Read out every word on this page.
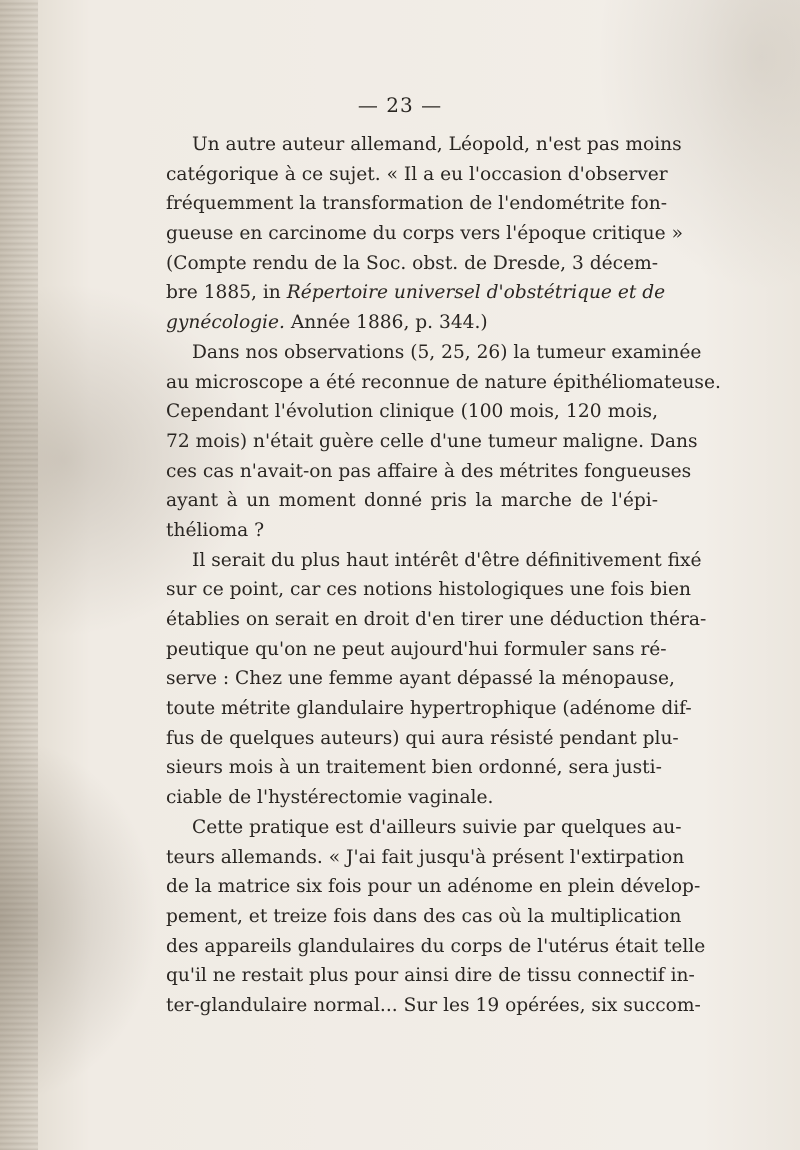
— 23 —
Un autre auteur allemand, Léopold, n'est pas moins
catégorique à ce sujet. « Il a eu l'occasion d'observer
fréquemment la transformation de l'endométrite fon-
gueuse en carcinome du corps vers l'époque critique »
(Compte rendu de la Soc. obst. de Dresde, 3 décem-
bre 1885, in Répertoire universel d'obstétrique et de
gynécologie. Année 1886, p. 344.)
Dans nos observations (5, 25, 26) la tumeur examinée
au microscope a été reconnue de nature épithéliomateuse.
Cependant l'évolution clinique (100 mois, 120 mois,
72 mois) n'était guère celle d'une tumeur maligne. Dans
ces cas n'avait-on pas affaire à des métrites fongueuses
ayant à un moment donné pris la marche de l'épi-
thélioma ?
Il serait du plus haut intérêt d'être définitivement fixé
sur ce point, car ces notions histologiques une fois bien
établies on serait en droit d'en tirer une déduction théra-
peutique qu'on ne peut aujourd'hui formuler sans ré-
serve : Chez une femme ayant dépassé la ménopause,
toute métrite glandulaire hypertrophique (adénome dif-
fus de quelques auteurs) qui aura résisté pendant plu-
sieurs mois à un traitement bien ordonné, sera justi-
ciable de l'hystérectomie vaginale.
Cette pratique est d'ailleurs suivie par quelques au-
teurs allemands. « J'ai fait jusqu'à présent l'extirpation
de la matrice six fois pour un adénome en plein dévelop-
pement, et treize fois dans des cas où la multiplication
des appareils glandulaires du corps de l'utérus était telle
qu'il ne restait plus pour ainsi dire de tissu connectif in-
ter-glandulaire normal... Sur les 19 opérées, six succom-
